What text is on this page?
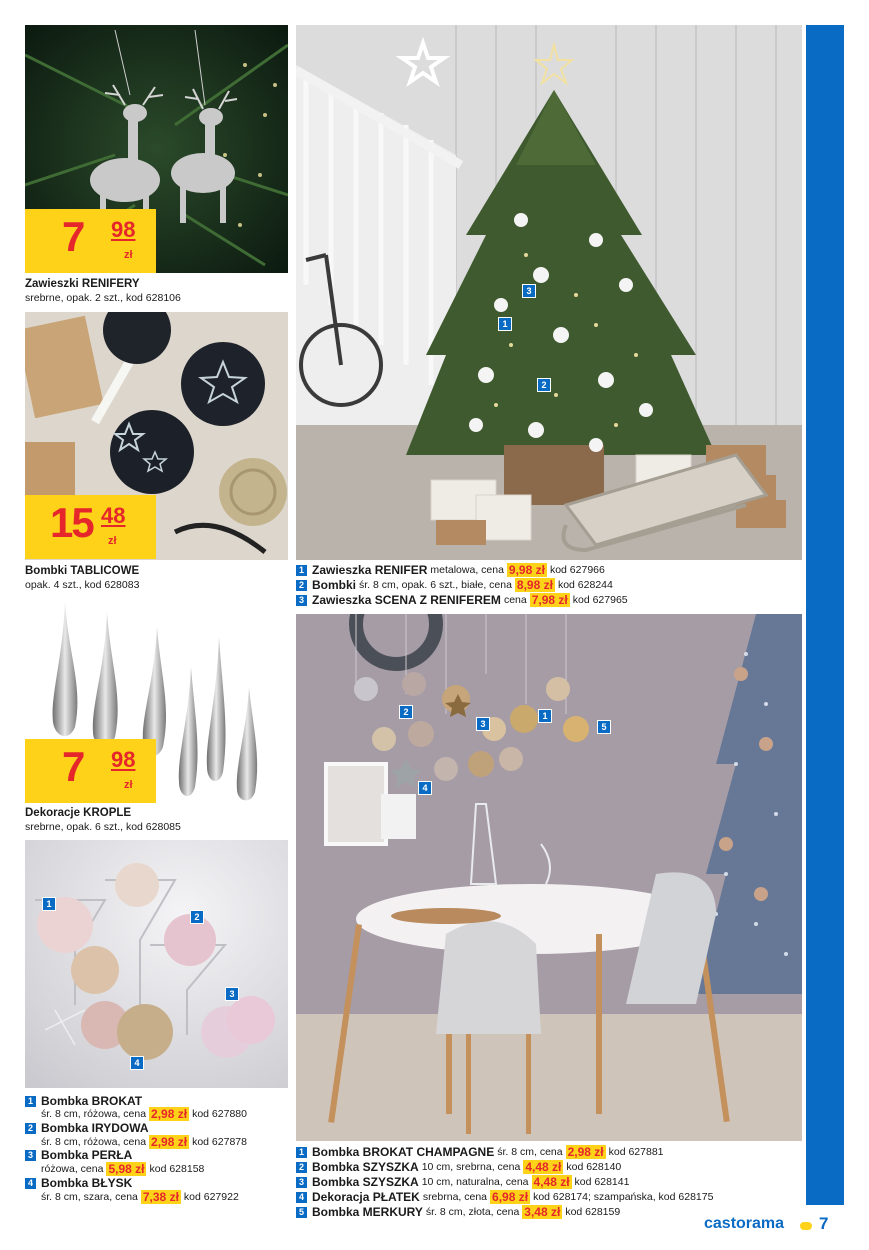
7 98
zł
Zawieszki RENIFERY
srebrne, opak. 2 szt., kod 628106
15 48
zł
Bombki TABLICOWE
opak. 4 szt., kod 628083
7 98
zł
Dekoracje KROPLE
srebrne, opak. 6 szt., kod 628085
1
2
3
4
1 Bombka BROKAT
śr. 8 cm, różowa, cena 2,98 zł kod 627880
2 Bombka IRYDOWA
śr. 8 cm, różowa, cena 2,98 zł kod 627878
3 Bombka PERŁA
różowa, cena 5,98 zł kod 628158
4 Bombka BŁYSK
śr. 8 cm, szara, cena 7,38 zł kod 627922
3
1
2
1 Zawieszka RENIFER metalowa, cena 9,98 zł kod 627966
2 Bombki śr. 8 cm, opak. 6 szt., białe, cena 8,98 zł kod 628244
3 Zawieszka SCENA Z RENIFEREM cena 7,98 zł kod 627965
2
3
1
5
4
1 Bombka BROKAT CHAMPAGNE śr. 8 cm, cena 2,98 zł kod 627881
2 Bombka SZYSZKA 10 cm, srebrna, cena 4,48 zł kod 628140
3 Bombka SZYSZKA 10 cm, naturalna, cena 4,48 zł kod 628141
4 Dekoracja PŁATEK srebrna, cena 6,98 zł kod 628174; szampańska, kod 628175
5 Bombka MERKURY śr. 8 cm, złota, cena 3,48 zł kod 628159
castorama 7
